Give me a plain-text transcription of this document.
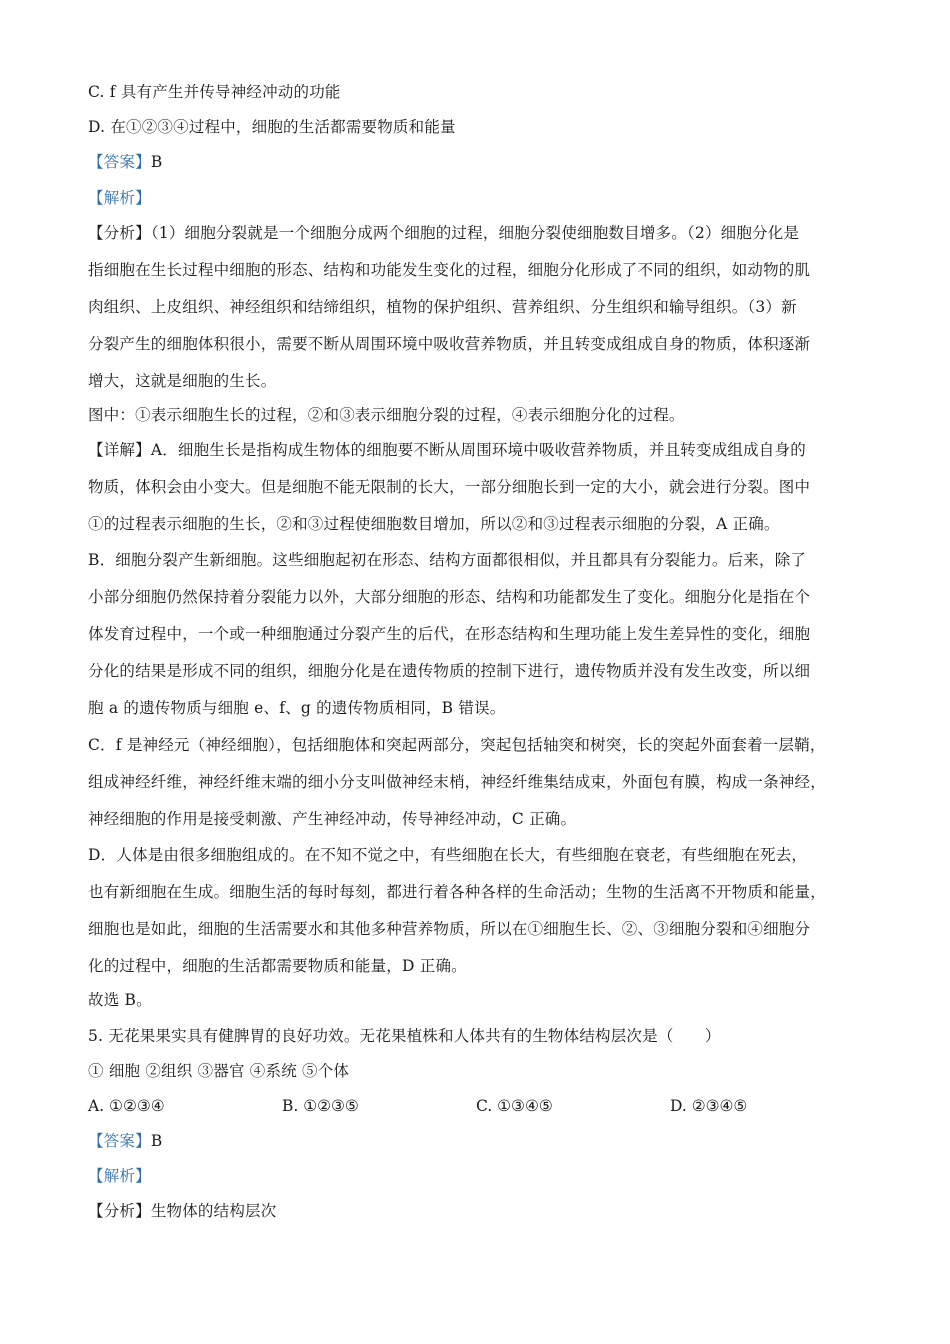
C. f 具有产生并传导神经冲动的功能
D. 在①②③④过程中，细胞的生活都需要物质和能量
【答案】B
【解析】
【分析】（1）细胞分裂就是一个细胞分成两个细胞的过程，细胞分裂使细胞数目增多。（2）细胞分化是
指细胞在生长过程中细胞的形态、结构和功能发生变化的过程，细胞分化形成了不同的组织，如动物的肌
肉组织、上皮组织、神经组织和结缔组织，植物的保护组织、营养组织、分生组织和输导组织。（3）新
分裂产生的细胞体积很小，需要不断从周围环境中吸收营养物质，并且转变成组成自身的物质，体积逐渐
增大，这就是细胞的生长。
图中：①表示细胞生长的过程，②和③表示细胞分裂的过程，④表示细胞分化的过程。
【详解】A．细胞生长是指构成生物体的细胞要不断从周围环境中吸收营养物质，并且转变成组成自身的
物质，体积会由小变大。但是细胞不能无限制的长大，一部分细胞长到一定的大小，就会进行分裂。图中
①的过程表示细胞的生长，②和③过程使细胞数目增加，所以②和③过程表示细胞的分裂，A 正确。
B．细胞分裂产生新细胞。这些细胞起初在形态、结构方面都很相似，并且都具有分裂能力。后来，除了
小部分细胞仍然保持着分裂能力以外，大部分细胞的形态、结构和功能都发生了变化。细胞分化是指在个
体发育过程中，一个或一种细胞通过分裂产生的后代，在形态结构和生理功能上发生差异性的变化，细胞
分化的结果是形成不同的组织，细胞分化是在遗传物质的控制下进行，遗传物质并没有发生改变，所以细
胞 a 的遗传物质与细胞 e、f、g 的遗传物质相同，B 错误。
C．f 是神经元（神经细胞），包括细胞体和突起两部分，突起包括轴突和树突，长的突起外面套着一层鞘，
组成神经纤维，神经纤维末端的细小分支叫做神经末梢，神经纤维集结成束，外面包有膜，构成一条神经，
神经细胞的作用是接受刺激、产生神经冲动，传导神经冲动，C 正确。
D．人体是由很多细胞组成的。在不知不觉之中，有些细胞在长大，有些细胞在衰老，有些细胞在死去，
也有新细胞在生成。细胞生活的每时每刻，都进行着各种各样的生命活动；生物的生活离不开物质和能量，
细胞也是如此，细胞的生活需要水和其他多种营养物质，所以在①细胞生长、②、③细胞分裂和④细胞分
化的过程中，细胞的生活都需要物质和能量，D 正确。
故选 B。
5. 无花果果实具有健脾胃的良好功效。无花果植株和人体共有的生物体结构层次是（　　）
① 细胞 ②组织 ③器官 ④系统 ⑤个体
A. ①②③④	B. ①②③⑤	C. ①③④⑤	D. ②③④⑤
【答案】B
【解析】
【分析】生物体的结构层次
